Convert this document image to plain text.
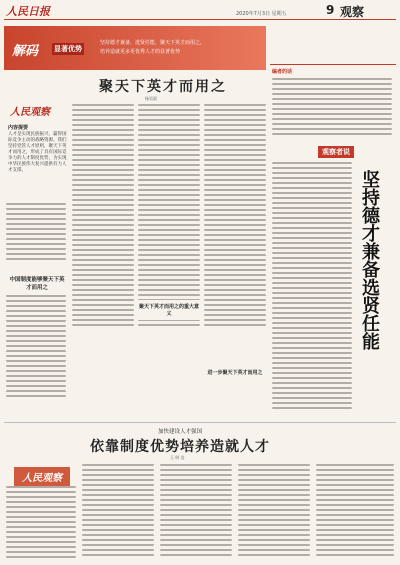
人民日报	2020年7月3日 星期五	9 观察
解码 显著优势
坚持德才兼备、选贤任能，聚天下英才而用之，
培养造就更多更优秀人才的显著优势
聚天下英才而用之
杨昊晨
人民观察
内容提要
人才是实现民族振兴、赢得国际竞争主动的战略资源。我们坚持党管人才原则，聚天下英才而用之，形成了具有国际竞争力的人才制度优势，为实现中华民族伟大复兴提供有力人才支撑。
中国制度能够聚天下英才而用之
聚天下英才而用之的重大意义
进一步聚天下英才而用之
编者的话
观察者说
坚持德才兼备选贤任能
加快建设人才强国
依靠制度优势培养造就人才
王 明 浩
人民观察
